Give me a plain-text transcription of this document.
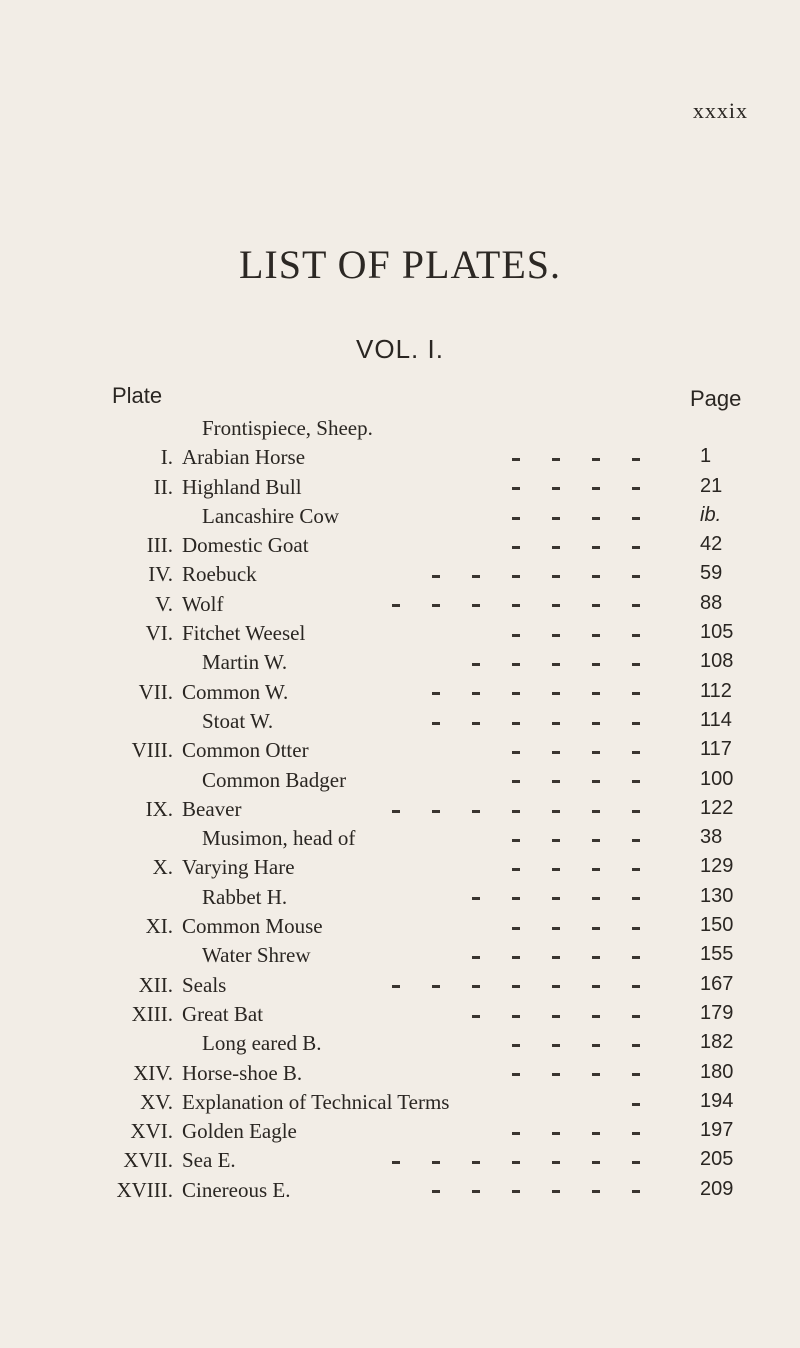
xxxix
LIST OF PLATES.
VOL. I.
Plate	Page
Frontispiece, Sheep.
I. Arabian Horse	1
II. Highland Bull	21
Lancashire Cow	ib.
III. Domestic Goat	42
IV. Roebuck	59
V. Wolf	88
VI. Fitchet Weesel	105
Martin W.	108
VII. Common W.	112
Stoat W.	114
VIII. Common Otter	117
Common Badger	100
IX. Beaver	122
Musimon, head of	38
X. Varying Hare	129
Rabbet H.	130
XI. Common Mouse	150
Water Shrew	155
XII. Seals	167
XIII. Great Bat	179
Long eared B.	182
XIV. Horse-shoe B.	180
XV. Explanation of Technical Terms	194
XVI. Golden Eagle	197
XVII. Sea E.	205
XVIII. Cinereous E.	209
